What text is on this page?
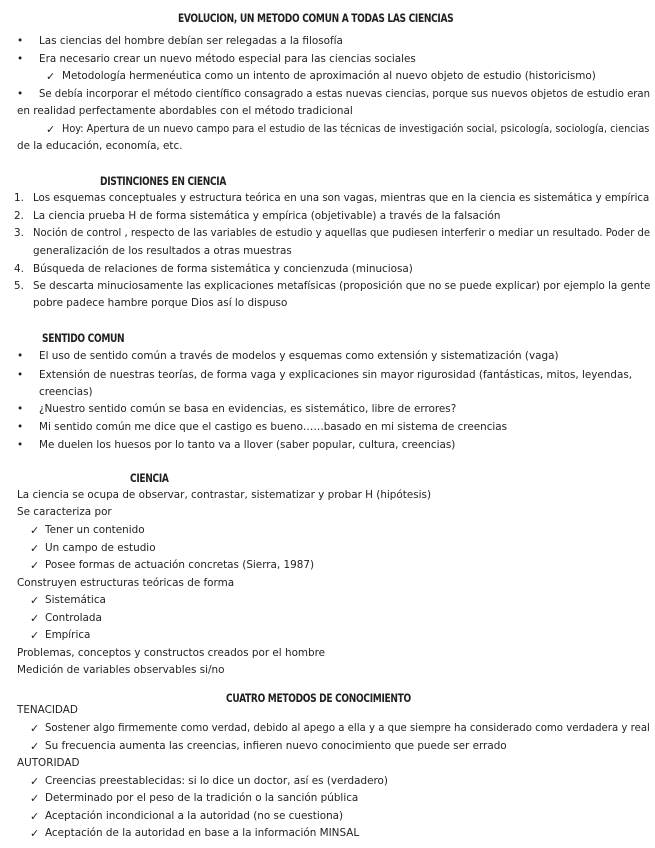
EVOLUCION, UN METODO COMUN A TODAS LAS CIENCIAS
• Las ciencias del hombre debían ser relegadas a la filosofía
• Era necesario crear un nuevo método especial para las ciencias sociales
✓ Metodología hermenéutica como un intento de aproximación al nuevo objeto de estudio (historicismo)
• Se debía incorporar el método científico consagrado a estas nuevas ciencias, porque sus nuevos objetos de estudio eran
en realidad perfectamente abordables con el método tradicional
✓ Hoy: Apertura de un nuevo campo para el estudio de las técnicas de investigación social, psicología, sociología, ciencias
de la educación, economía, etc.
DISTINCIONES EN CIENCIA
1. Los esquemas conceptuales y estructura teórica en una son vagas, mientras que en la ciencia es sistemática y empírica
2. La ciencia prueba H de forma sistemática y empírica (objetivable) a través de la falsación
3. Noción de control , respecto de las variables de estudio y aquellas que pudiesen interferir o mediar un resultado. Poder de
generalización de los resultados a otras muestras
4. Búsqueda de relaciones de forma sistemática y concienzuda (minuciosa)
5. Se descarta minuciosamente las explicaciones metafísicas (proposición que no se puede explicar) por ejemplo la gente
pobre padece hambre porque Dios así lo dispuso
SENTIDO COMUN
• El uso de sentido común a través de modelos y esquemas como extensión y sistematización (vaga)
• Extensión de nuestras teorías, de forma vaga y explicaciones sin mayor rigurosidad (fantásticas, mitos, leyendas,
creencias)
• ¿Nuestro sentido común se basa en evidencias, es sistemático, libre de errores?
• Mi sentido común me dice que el castigo es bueno……basado en mi sistema de creencias
• Me duelen los huesos por lo tanto va a llover (saber popular, cultura, creencias)
CIENCIA
La ciencia se ocupa de observar, contrastar, sistematizar y probar H (hipótesis)
Se caracteriza por
✓ Tener un contenido
✓ Un campo de estudio
✓ Posee formas de actuación concretas (Sierra, 1987)
Construyen estructuras teóricas de forma
✓ Sistemática
✓ Controlada
✓ Empírica
Problemas, conceptos y constructos creados por el hombre
Medición de variables observables si/no
CUATRO METODOS DE CONOCIMIENTO
TENACIDAD
✓ Sostener algo firmemente como verdad, debido al apego a ella y a que siempre ha considerado como verdadera y real
✓ Su frecuencia aumenta las creencias, infieren nuevo conocimiento que puede ser errado
AUTORIDAD
✓ Creencias preestablecidas: si lo dice un doctor, así es (verdadero)
✓ Determinado por el peso de la tradición o la sanción pública
✓ Aceptación incondicional a la autoridad (no se cuestiona)
✓ Aceptación de la autoridad en base a la información MINSAL
